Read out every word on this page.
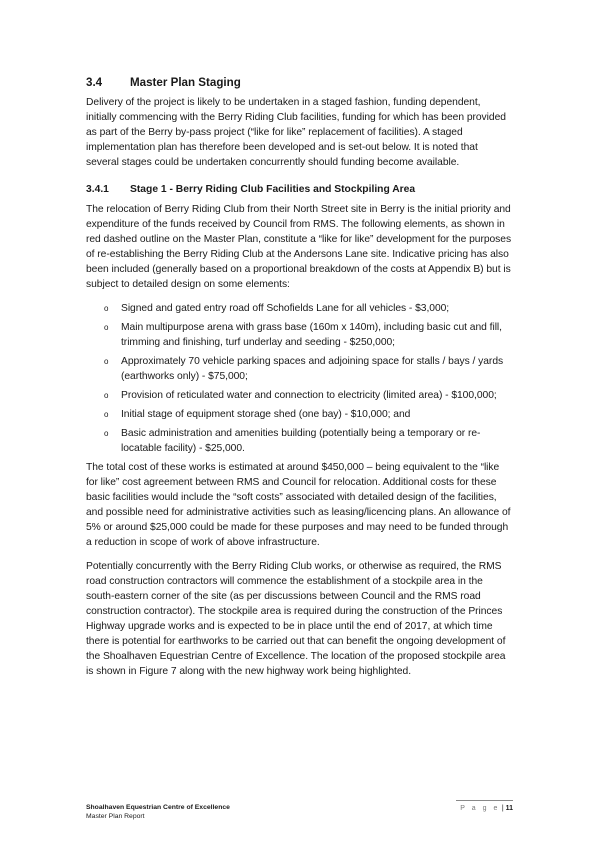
3.4	Master Plan Staging

Delivery of the project is likely to be undertaken in a staged fashion, funding dependent, initially commencing with the Berry Riding Club facilities, funding for which has been provided as part of the Berry by-pass project (“like for like” replacement of facilities). A staged implementation plan has therefore been developed and is set-out below. It is noted that several stages could be undertaken concurrently should funding become available.

3.4.1	Stage 1 - Berry Riding Club Facilities and Stockpiling Area

The relocation of Berry Riding Club from their North Street site in Berry is the initial priority and expenditure of the funds received by Council from RMS. The following elements, as shown in red dashed outline on the Master Plan, constitute a “like for like” development for the purposes of re-establishing the Berry Riding Club at the Andersons Lane site. Indicative pricing has also been included (generally based on a proportional breakdown of the costs at Appendix B) but is subject to detailed design on some elements:

o	Signed and gated entry road off Schofields Lane for all vehicles - $3,000;
o	Main multipurpose arena with grass base (160m x 140m), including basic cut and fill, trimming and finishing, turf underlay and seeding - $250,000;
o	Approximately 70 vehicle parking spaces and adjoining space for stalls / bays / yards (earthworks only) - $75,000;
o	Provision of reticulated water and connection to electricity (limited area) - $100,000;
o	Initial stage of equipment storage shed (one bay) - $10,000; and
o	Basic administration and amenities building (potentially being a temporary or re-locatable facility) - $25,000.

The total cost of these works is estimated at around $450,000 – being equivalent to the “like for like” cost agreement between RMS and Council for relocation. Additional costs for these basic facilities would include the “soft costs” associated with detailed design of the facilities, and possible need for administrative activities such as leasing/licencing plans. An allowance of 5% or around $25,000 could be made for these purposes and may need to be funded through a reduction in scope of work of above infrastructure.

Potentially concurrently with the Berry Riding Club works, or otherwise as required, the RMS road construction contractors will commence the establishment of a stockpile area in the south-eastern corner of the site (as per discussions between Council and the RMS road construction contractor). The stockpile area is required during the construction of the Princes Highway upgrade works and is expected to be in place until the end of 2017, at which time there is potential for earthworks to be carried out that can benefit the ongoing development of the Shoalhaven Equestrian Centre of Excellence. The location of the proposed stockpile area is shown in Figure 7 along with the new highway work being highlighted.

Shoalhaven Equestrian Centre of Excellence
Master Plan Report
P a g e | 11
